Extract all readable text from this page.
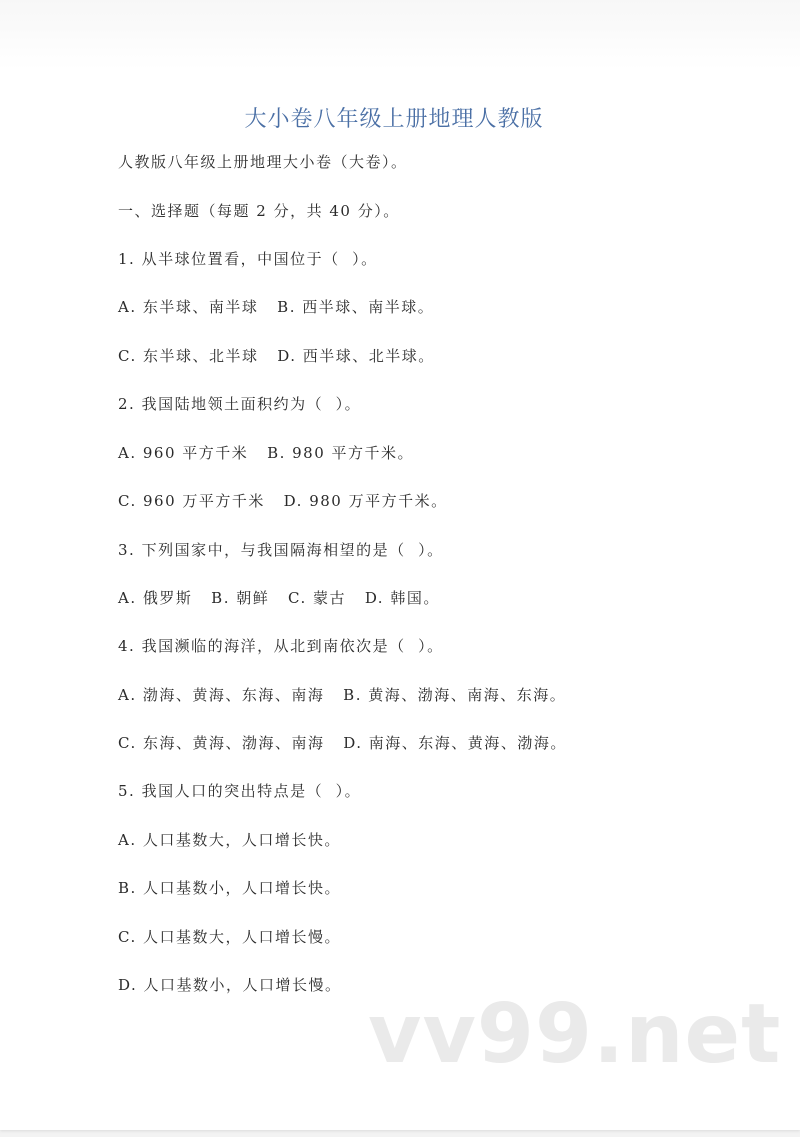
大小卷八年级上册地理人教版
人教版八年级上册地理大小卷（大卷）。
一、选择题（每题 2 分，共 40 分）。
1. 从半球位置看，中国位于（  ）。
A. 东半球、南半球   B. 西半球、南半球。
C. 东半球、北半球   D. 西半球、北半球。
2. 我国陆地领土面积约为（  ）。
A. 960 平方千米   B. 980 平方千米。
C. 960 万平方千米   D. 980 万平方千米。
3. 下列国家中，与我国隔海相望的是（  ）。
A. 俄罗斯   B. 朝鲜   C. 蒙古   D. 韩国。
4. 我国濒临的海洋，从北到南依次是（  ）。
A. 渤海、黄海、东海、南海   B. 黄海、渤海、南海、东海。
C. 东海、黄海、渤海、南海   D. 南海、东海、黄海、渤海。
5. 我国人口的突出特点是（  ）。
A. 人口基数大，人口增长快。
B. 人口基数小，人口增长快。
C. 人口基数大，人口增长慢。
D. 人口基数小，人口增长慢。
vv99.net
